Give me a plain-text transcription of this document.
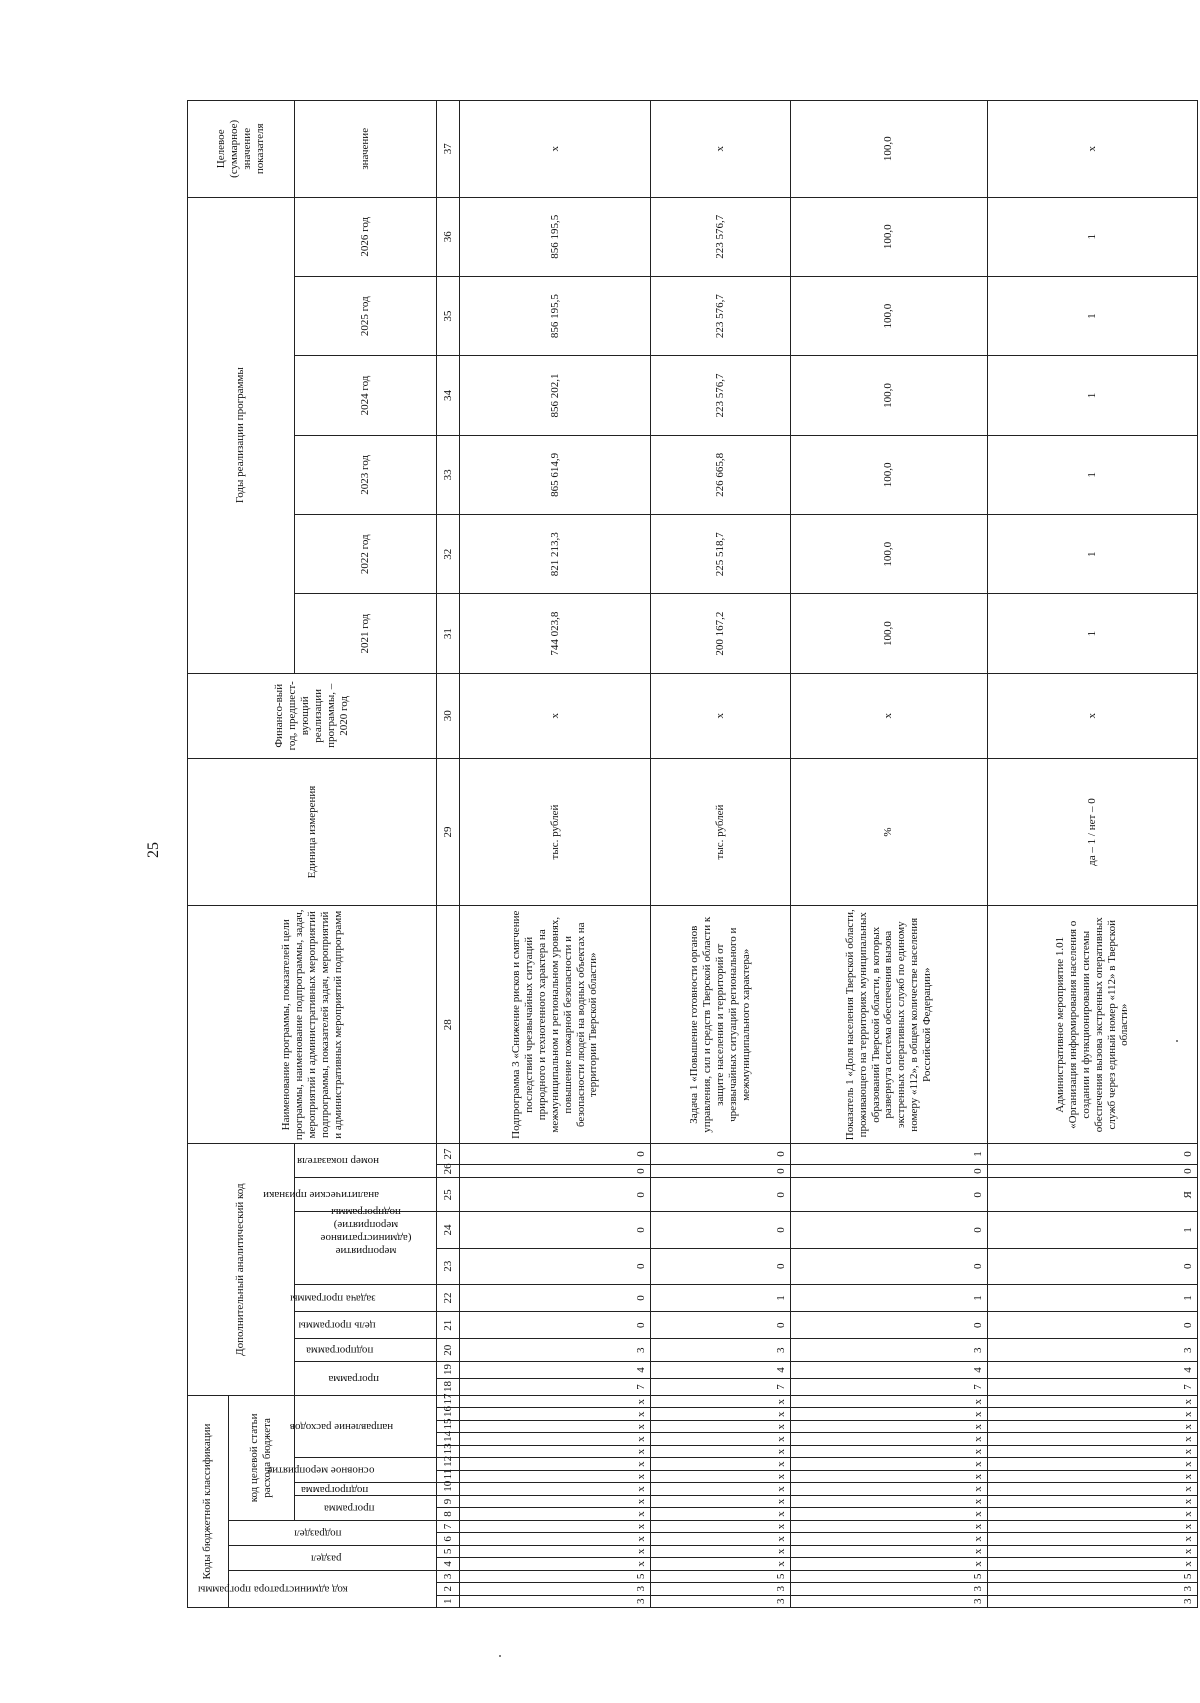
25
Коды бюджетной классификации																	Дополнительный аналитический код										Наименование программы, показателей цели программы, наименование подпрограммы, задач, мероприятий и административных мероприятий подпрограммы, показателей задач, мероприятий и административных мероприятий подпрограмм	Единица измерения	Финансо-вый год, предшест-вующий реализации программы, – 2020 год	Годы реализации программы						Целевое (суммарное) значение показателя

код администратора программы			раздел		подраздел		код целевой статьи расхода бюджета																													

							программа		подпрограмма	основное мероприятие		направление расходов					программа		подпрограмма	цель программы	задача программы	мероприятие (административное мероприятие) подпрограммы		аналитические признаки	номер показателя					2021 год	2022 год	2023 год	2024 год	2025 год	2026 год	значение
1	2	3	4	5	6	7	8	9	10	11	12	13	14	15	16	17	18	19	20	21	22	23	24	25	26	27	28	29	30	31	32	33	34	35	36	37
3	3	5	x	x	x	x	x	x	x	x	x	x	x	x	x	x	7	4	3	0	0	0	0	0	0	0	Подпрограмма 3 «Снижение рисков и смягчение последствий чрезвычайных ситуаций природного и техногенного характера на межмуниципальном и региональном уровнях, повышение пожарной безопасности и безопасности людей на водных объектах на территории Тверской области»	тыс. рублей	x	744 023,8	821 213,3	865 614,9	856 202,1	856 195,5	856 195,5	x
3	3	5	x	x	x	x	x	x	x	x	x	x	x	x	x	x	7	4	3	0	1	0	0	0	0	0	Задача 1 «Повышение готовности органов управления, сил и средств Тверской области к защите населения и территорий от чрезвычайных ситуаций регионального и межмуниципального характера»	тыс. рублей	x	200 167,2	225 518,7	226 665,8	223 576,7	223 576,7	223 576,7	x
3	3	5	x	x	x	x	x	x	x	x	x	x	x	x	x	x	7	4	3	0	1	0	0	0	0	1	Показатель 1 «Доля населения Тверской области, проживающего на территориях муниципальных образований Тверской области, в которых развернута система обеспечения вызова экстренных оперативных служб по единому номеру «112», в общем количестве населения Российской Федерации»	%	x	100,0	100,0	100,0	100,0	100,0	100,0	100,0
3	3	5	x	x	x	x	x	x	x	x	x	x	x	x	x	x	7	4	3	0	1	0	1	Я	0	0	Административное мероприятие 1.01 «Организация информирования населения о создании и функционировании системы обеспечения вызова экстренных оперативных служб через единый номер «112» в Тверской области»	да – 1 / нет – 0	x	1	1	1	1	1	1	x
